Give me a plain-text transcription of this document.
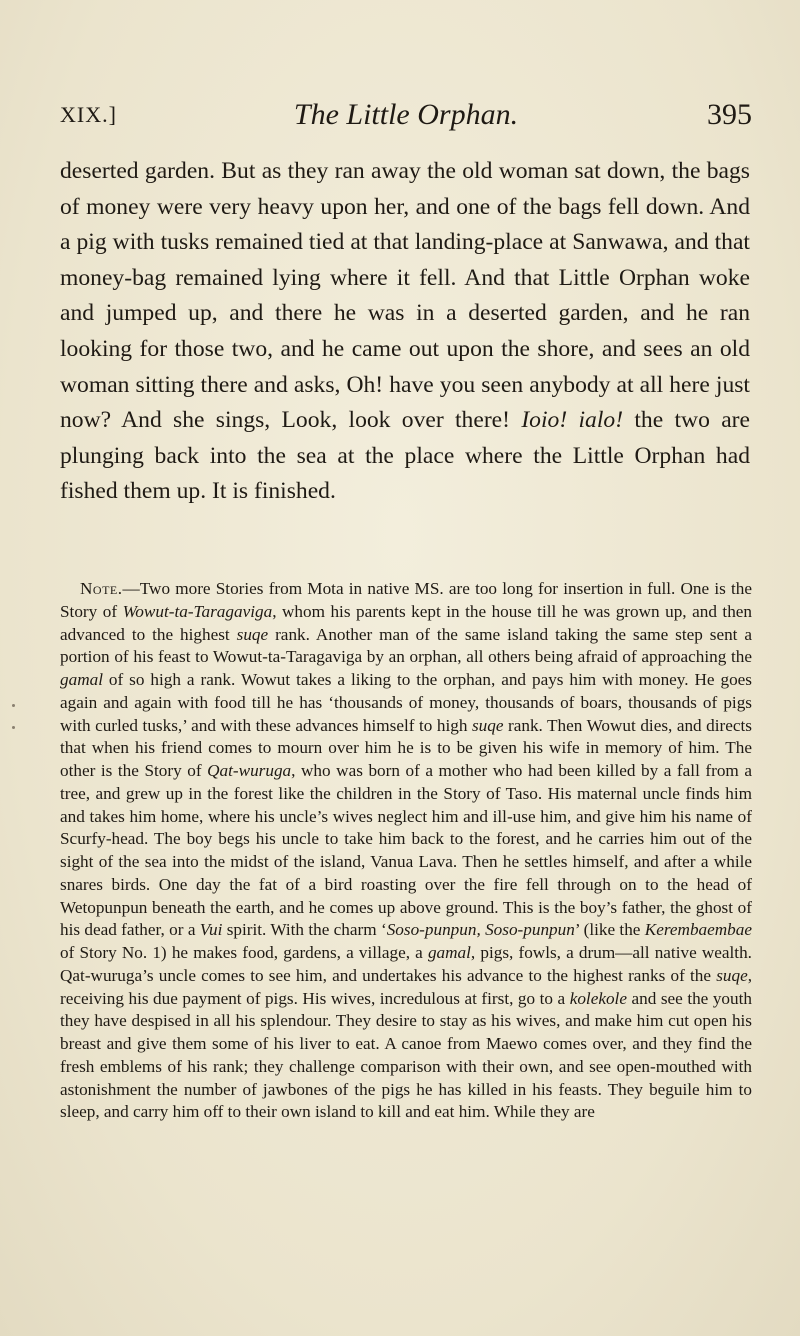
XIX.]	The Little Orphan.	395

deserted garden. But as they ran away the old woman sat down, the bags of money were very heavy upon her, and one of the bags fell down. And a pig with tusks remained tied at that landing-place at Sanwawa, and that money-bag remained lying where it fell. And that Little Orphan woke and jumped up, and there he was in a deserted garden, and he ran looking for those two, and he came out upon the shore, and sees an old woman sitting there and asks, Oh! have you seen anybody at all here just now? And she sings, Look, look over there! Ioio! ialo! the two are plunging back into the sea at the place where the Little Orphan had fished them up. It is finished.

Note.—Two more Stories from Mota in native MS. are too long for insertion in full. One is the Story of Wowut-ta-Taragaviga, whom his parents kept in the house till he was grown up, and then advanced to the highest suqe rank. Another man of the same island taking the same step sent a portion of his feast to Wowut-ta-Taragaviga by an orphan, all others being afraid of approaching the gamal of so high a rank. Wowut takes a liking to the orphan, and pays him with money. He goes again and again with food till he has ‘thousands of money, thousands of boars, thousands of pigs with curled tusks,’ and with these advances himself to high suqe rank. Then Wowut dies, and directs that when his friend comes to mourn over him he is to be given his wife in memory of him. The other is the Story of Qat-wuruga, who was born of a mother who had been killed by a fall from a tree, and grew up in the forest like the children in the Story of Taso. His maternal uncle finds him and takes him home, where his uncle’s wives neglect him and ill-use him, and give him his name of Scurfy-head. The boy begs his uncle to take him back to the forest, and he carries him out of the sight of the sea into the midst of the island, Vanua Lava. Then he settles himself, and after a while snares birds. One day the fat of a bird roasting over the fire fell through on to the head of Wetopunpun beneath the earth, and he comes up above ground. This is the boy’s father, the ghost of his dead father, or a Vui spirit. With the charm ‘Soso-punpun, Soso-punpun’ (like the Kerembaembae of Story No. 1) he makes food, gardens, a village, a gamal, pigs, fowls, a drum—all native wealth. Qat-wuruga’s uncle comes to see him, and undertakes his advance to the highest ranks of the suqe, receiving his due payment of pigs. His wives, incredulous at first, go to a kolekole and see the youth they have despised in all his splendour. They desire to stay as his wives, and make him cut open his breast and give them some of his liver to eat. A canoe from Maewo comes over, and they find the fresh emblems of his rank; they challenge comparison with their own, and see open-mouthed with astonishment the number of jawbones of the pigs he has killed in his feasts. They beguile him to sleep, and carry him off to their own island to kill and eat him. While they are
